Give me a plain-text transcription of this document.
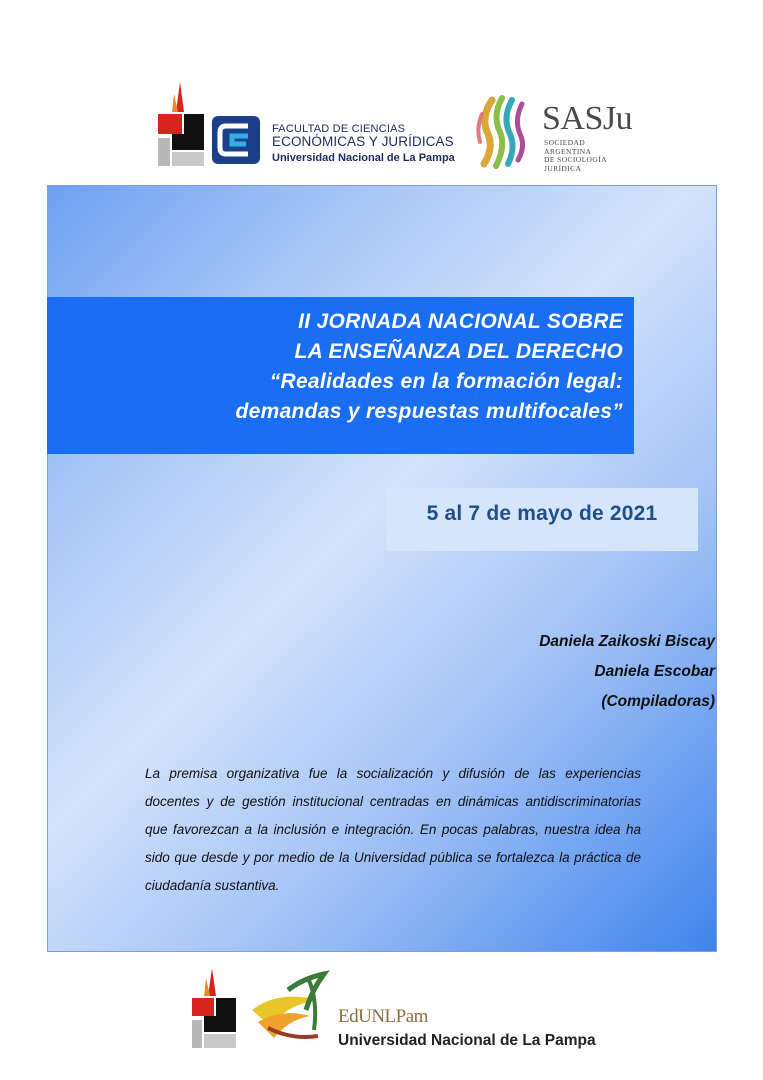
FACULTAD DE CIENCIAS
ECONÓMICAS Y JURÍDICAS
Universidad Nacional de La Pampa
SASJu
SOCIEDAD
ARGENTINA
DE SOCIOLOGÍA
JURÍDICA
II JORNADA NACIONAL SOBRE
LA ENSEÑANZA DEL DERECHO
“Realidades en la formación legal:
demandas y respuestas multifocales”
5 al 7 de mayo de 2021
Daniela Zaikoski Biscay
Daniela Escobar
(Compiladoras)
La premisa organizativa fue la socialización y difusión de las experiencias docentes y de gestión institucional centradas en dinámicas antidiscriminatorias que favorezcan a la inclusión e integración. En pocas palabras, nuestra idea ha sido que desde y por medio de la Universidad pública se fortalezca la práctica de ciudadanía sustantiva.
EdUNLPam
Universidad Nacional de La Pampa
